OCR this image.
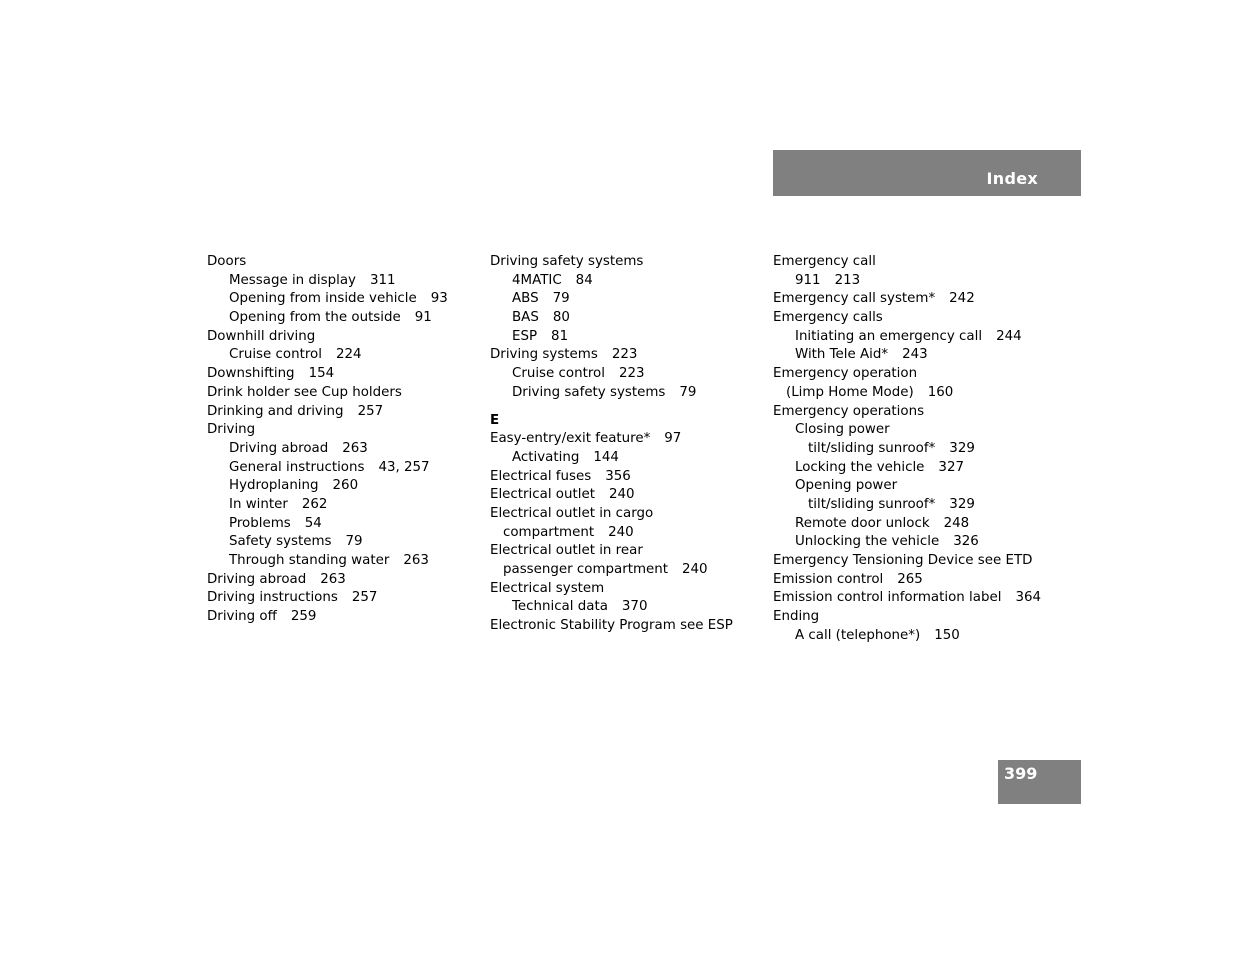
Index
Doors
Message in display 311
Opening from inside vehicle 93
Opening from the outside 91
Downhill driving
Cruise control 224
Downshifting 154
Drink holder see Cup holders
Drinking and driving 257
Driving
Driving abroad 263
General instructions 43, 257
Hydroplaning 260
In winter 262
Problems 54
Safety systems 79
Through standing water 263
Driving abroad 263
Driving instructions 257
Driving off 259
Driving safety systems
4MATIC 84
ABS 79
BAS 80
ESP 81
Driving systems 223
Cruise control 223
Driving safety systems 79
E
Easy-entry/exit feature* 97
Activating 144
Electrical fuses 356
Electrical outlet 240
Electrical outlet in cargo
compartment 240
Electrical outlet in rear
passenger compartment 240
Electrical system
Technical data 370
Electronic Stability Program see ESP
Emergency call
911 213
Emergency call system* 242
Emergency calls
Initiating an emergency call 244
With Tele Aid* 243
Emergency operation
(Limp Home Mode) 160
Emergency operations
Closing power
tilt/sliding sunroof* 329
Locking the vehicle 327
Opening power
tilt/sliding sunroof* 329
Remote door unlock 248
Unlocking the vehicle 326
Emergency Tensioning Device see ETD
Emission control 265
Emission control information label 364
Ending
A call (telephone*) 150
399
